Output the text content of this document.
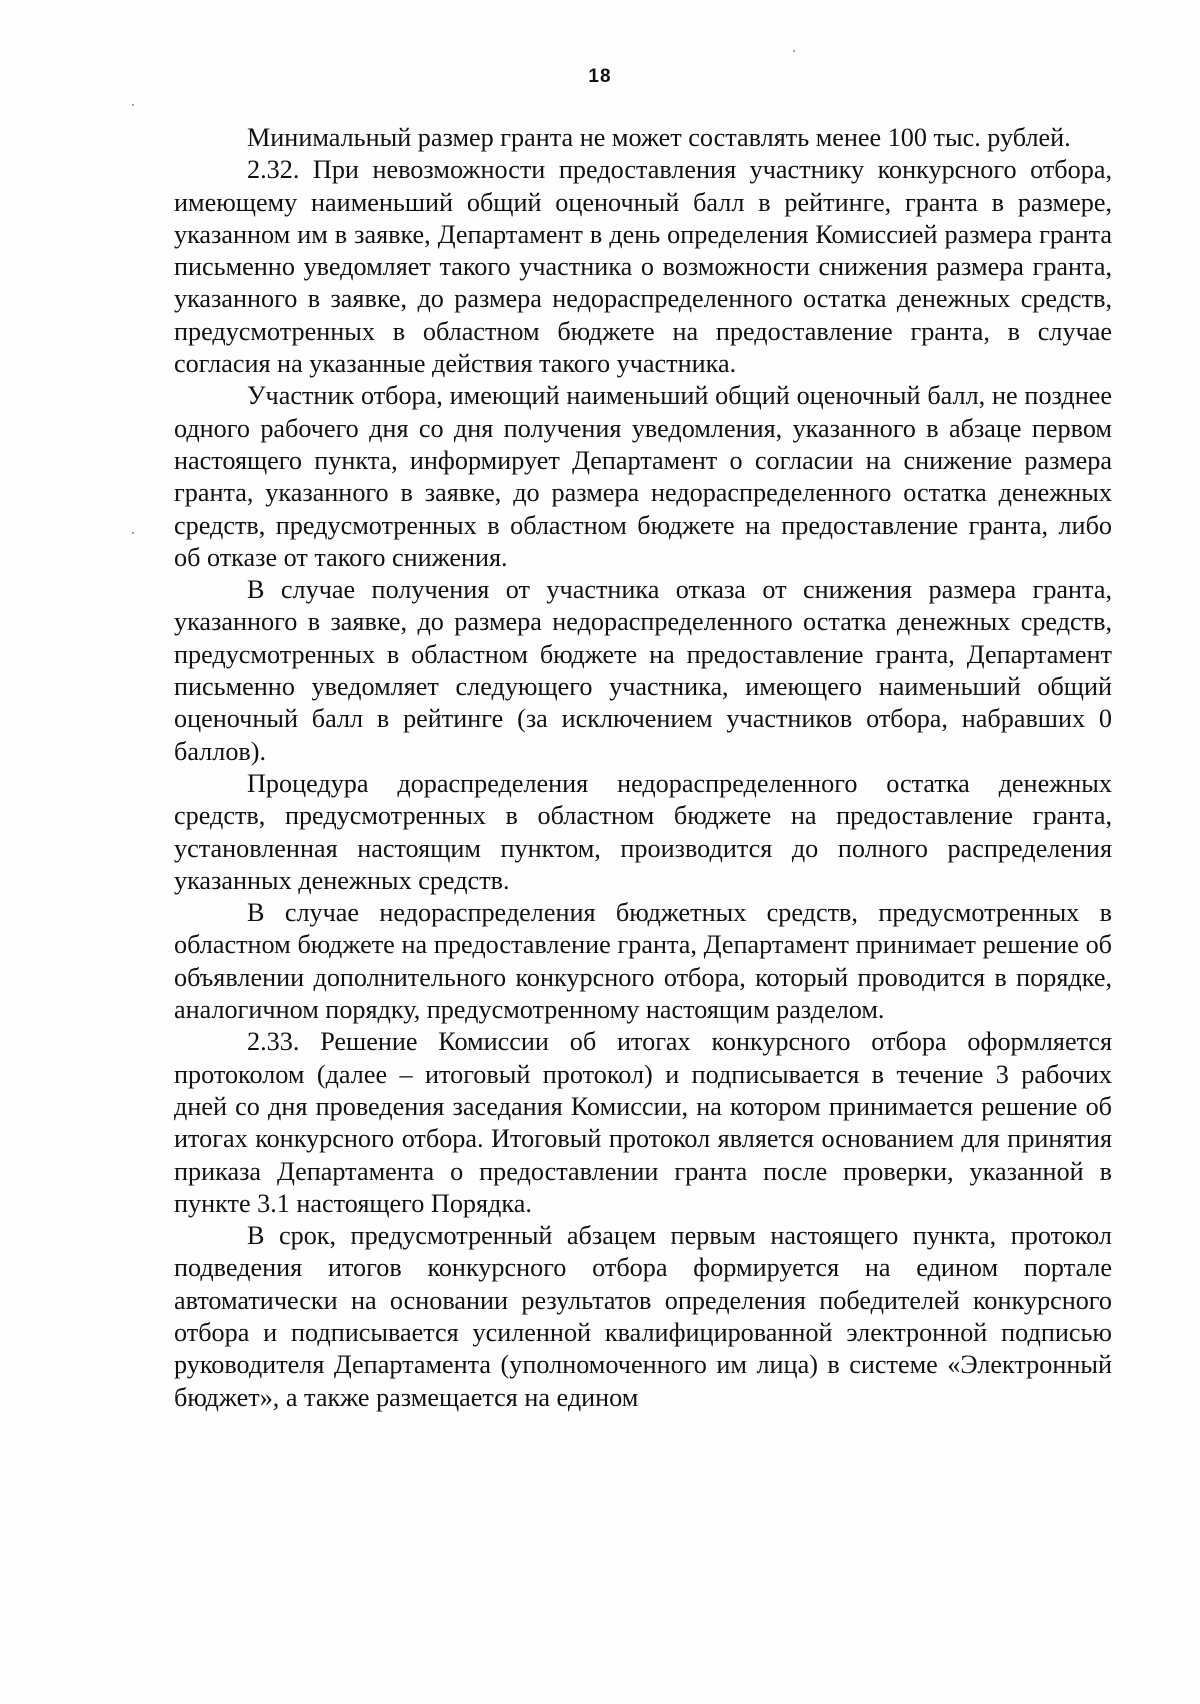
18

Минимальный размер гранта не может составлять менее 100 тыс. рублей.

2.32. При невозможности предоставления участнику конкурсного отбора, имеющему наименьший общий оценочный балл в рейтинге, гранта в размере, указанном им в заявке, Департамент в день определения Комиссией размера гранта письменно уведомляет такого участника о возможности снижения размера гранта, указанного в заявке, до размера недораспределенного остатка денежных средств, предусмотренных в областном бюджете на предоставление гранта, в случае согласия на указанные действия такого участника.

Участник отбора, имеющий наименьший общий оценочный балл, не позднее одного рабочего дня со дня получения уведомления, указанного в абзаце первом настоящего пункта, информирует Департамент о согласии на снижение размера гранта, указанного в заявке, до размера недораспределенного остатка денежных средств, предусмотренных в областном бюджете на предоставление гранта, либо об отказе от такого снижения.

В случае получения от участника отказа от снижения размера гранта, указанного в заявке, до размера недораспределенного остатка денежных средств, предусмотренных в областном бюджете на предоставление гранта, Департамент письменно уведомляет следующего участника, имеющего наименьший общий оценочный балл в рейтинге (за исключением участников отбора, набравших 0 баллов).

Процедура дораспределения недораспределенного остатка денежных средств, предусмотренных в областном бюджете на предоставление гранта, установленная настоящим пунктом, производится до полного распределения указанных денежных средств.

В случае недораспределения бюджетных средств, предусмотренных в областном бюджете на предоставление гранта, Департамент принимает решение об объявлении дополнительного конкурсного отбора, который проводится в порядке, аналогичном порядку, предусмотренному настоящим разделом.

2.33. Решение Комиссии об итогах конкурсного отбора оформляется протоколом (далее – итоговый протокол) и подписывается в течение 3 рабочих дней со дня проведения заседания Комиссии, на котором принимается решение об итогах конкурсного отбора. Итоговый протокол является основанием для принятия приказа Департамента о предоставлении гранта после проверки, указанной в пункте 3.1 настоящего Порядка.

В срок, предусмотренный абзацем первым настоящего пункта, протокол подведения итогов конкурсного отбора формируется на едином портале автоматически на основании результатов определения победителей конкурсного отбора и подписывается усиленной квалифицированной электронной подписью руководителя Департамента (уполномоченного им лица) в системе «Электронный бюджет», а также размещается на едином
